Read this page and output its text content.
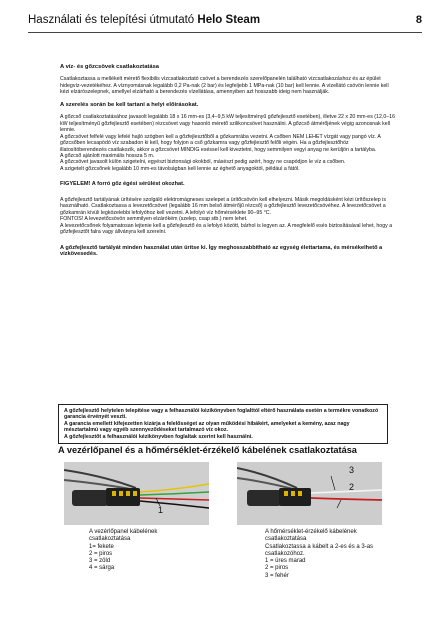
Használati és telepítési útmutató Helo Steam	8

A víz- és gőzcsövek csatlakoztatása

Csatlakoztassa a mellékelt mérető flexibilis vízcsatlakoztató csövet a berendezés szerelőpanelén található vízcsatlakozáshoz és az épület hidegvíz-vezetékéhez. A víznyomásnak legalább 0,2 Pa-nak (2 bar) és legfeljebb 1 MPa-nak (10 bar) kell lennie. A vízellátó csövön lennie kell kézi elzárószelepnek, amellyel elzárható a berendezés vízellátása, amennyiben azt hosszabb ideig nem használják.

A szerelés során be kell tartani a helyi előírásokat.

A gőzcső csatlakoztatásához javasolt legalább 18 x 16 mm-es (3,4–9,5 kW teljesítményű gőzfejlesztő esetében), illetve 22 x 20 mm-es (12,0–16 kW teljesítményű gőzfejlesztő esetében) rézcsövet vagy hasonló mérető szilikoncsövet használni. A gőzcső átmérőjének végig azonosnak kell lennie.

A gőzcsövet felfelé vagy lefelé hajló szögben kell a gőzfejlesztőből a gőzkamrába vezetni. A csőben NEM LEHET vízgát vagy pangó víz. A gőzcsőben lecsapódó víz szabadon ki kell, hogy folyjon a cső gőzkamra vagy gőzfejlesztő felőli végén. Ha a gőzfejlesztőhöz illatosítóberendezés csatlakozik, akkor a gőzcsövet MINDIG eséssel kell kiveztetni, hogy semmilyen vegyi anyag ne kerüljön a tartályba.

A gőzcső ajánlott maximális hossza 5 m.

A gőzcsövet javasolt külön szigetelni, egyészt biztonsági okokból, másészt pedig azért, hogy ne csapódjon le víz a csőben.

A szigetelt gőzcsőnek legalább 10 mm-es távolságban kell lennie az éghető anyagoktól, például a fától.

FIGYELEM! A forró gőz égési sérülést okozhat.

A gőzfejlesztő tartályának ürítésére szolgáló elektromágneses szelepet a ürítőcsövön kell elhelyezni. Másik megoldásként kézi ürítőszelep is használható. Csatlakoztassa a levezetőcsövet (legalább 16 mm belső átmérőjű rézcső) a gőzfejlesztő levezetőcsövéhez. A levezetőcsövet a gőzkamrán kívüli legközelebbi lefolyóhoz kell vezetni. A lefolyó víz hőmérséklete 90–95 °C.

FONTOS! A levezetőcsövön semmilyen elzárókém (szelep, csap stb.) nem lehet.

A levezetőcsőnek folyamatosan lejtenie kell a gőzfejlesztő és a lefolyó között, bárhol is legyen az. A megfelelő esés biztosításával lehet, hogy a gőzfejlesztőt falra vagy állványra kell szerelni.

A gőzfejlesztő tartályát minden használat után ürítse ki. Így meghosszabbítható az egység élettartama, és mérsékelhető a vízkövesedés.

A gőzfejlesztő helytelen telepítése vagy a felhasználói kézikönyvben foglalttól eltérő használata esetén a termékre vonatkozó garancia érvényét veszti.

A garancia emellett kifejezetten kizárja a felelősséget az olyan működési hibákért, amelyeket a kemény, azaz nagy mésztartalmú vagy egyéb szennyeződéseket tartalmazó víz okoz.

A gőzfejlesztőt a felhasználói kézikönyvben foglaltak szerint kell használni.

A vezérlőpanel és a hőmérséklet-érzékelő kábelének csatlakoztatása
1
3
2

A vezérlőpanel kábelének

csatlakoztatása

1= fekete

2 = piros

3 = zöld

4 = sárga

A hőmérséklet-érzékelő kábelének

csatlakoztatása

Csatlakoztassa a kábelt a 2-es és a 3-as

csatlakozóhoz.

1 = üres marad

2 = piros

3 = fehér
